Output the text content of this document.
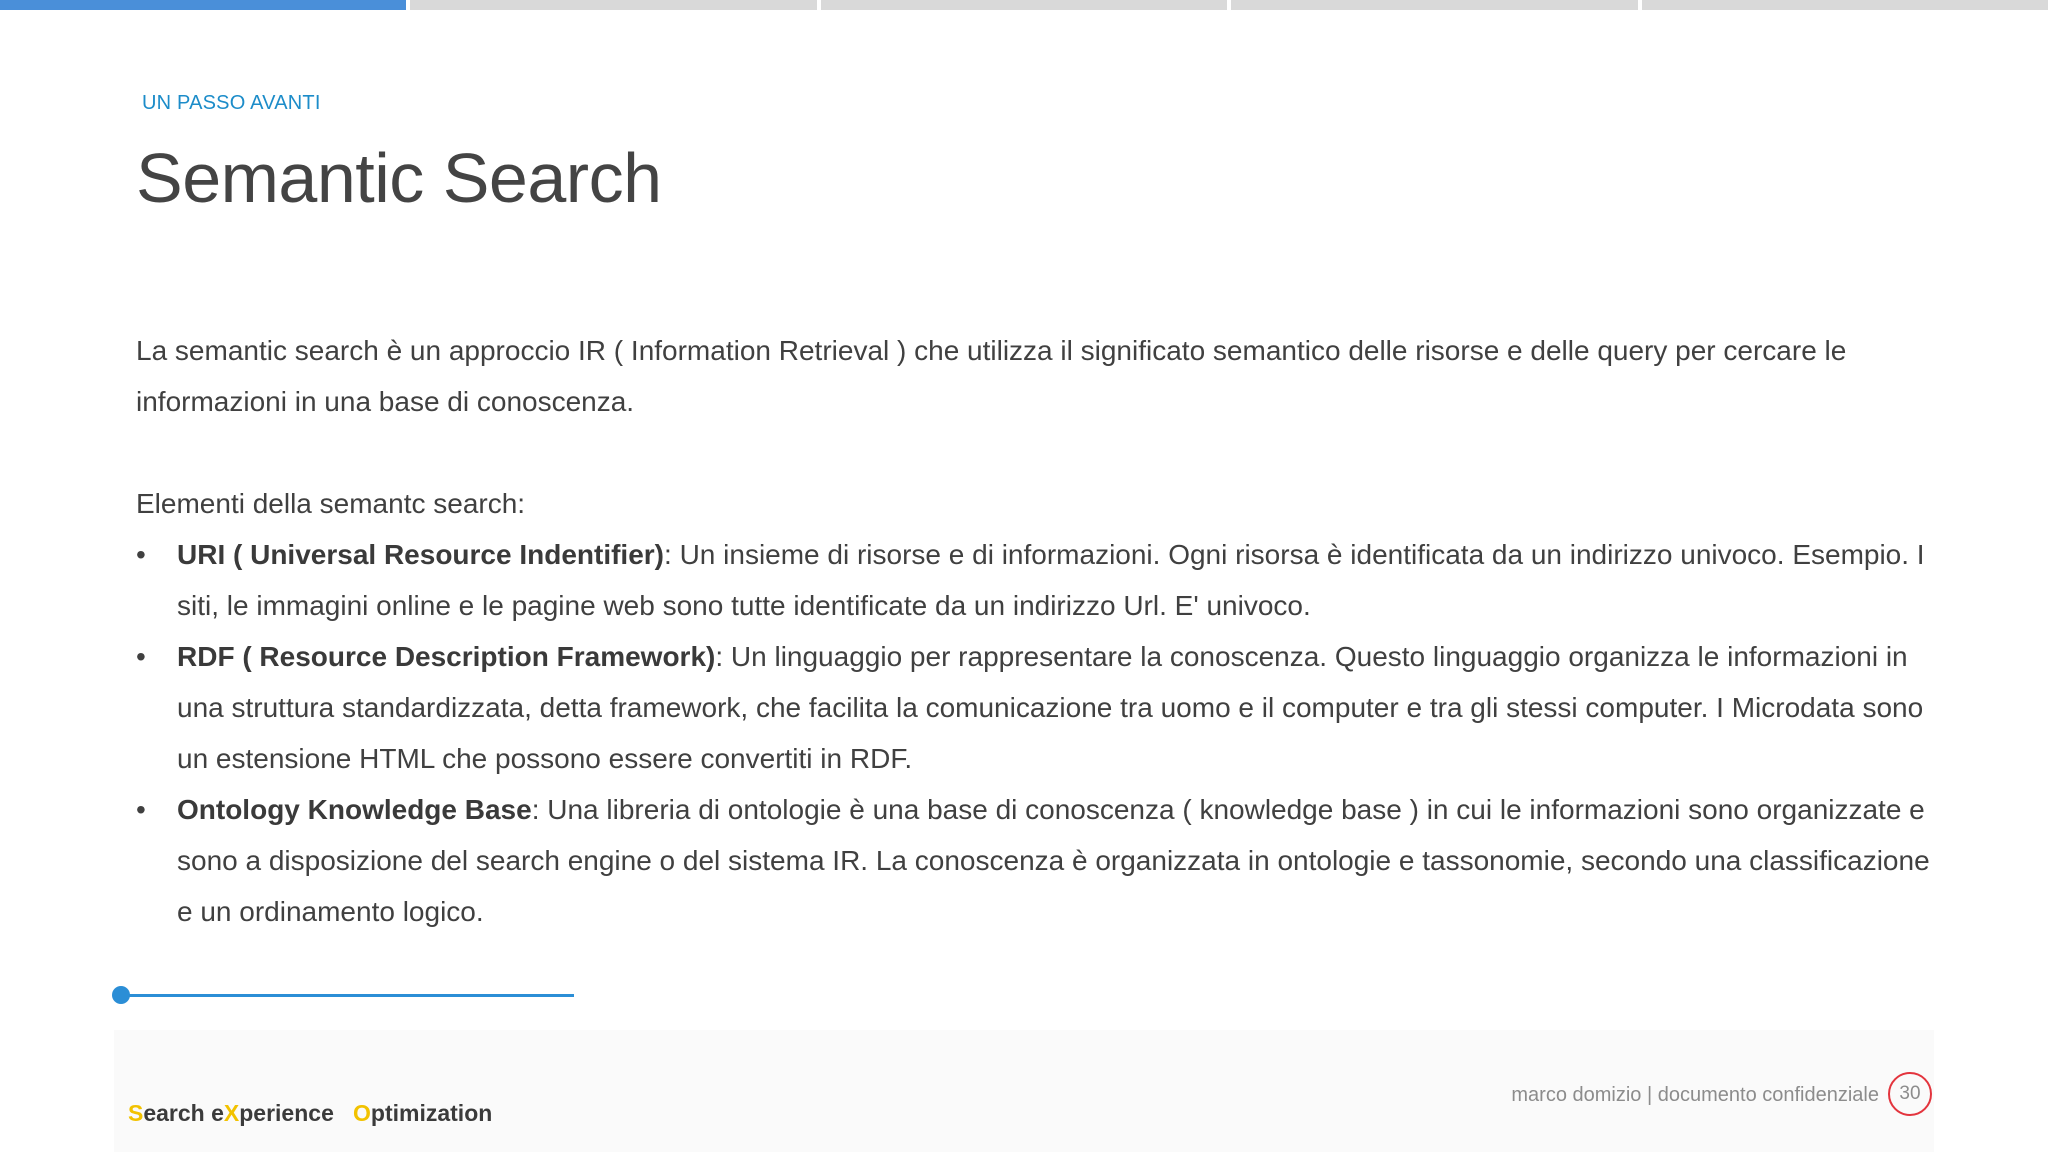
UN PASSO AVANTI
Semantic Search

La semantic search è un approccio IR ( Information Retrieval ) che utilizza il significato semantico delle risorse e delle query per cercare le informazioni in una base di conoscenza.

Elementi della semantc search:

• URI ( Universal Resource Indentifier): Un insieme di risorse e di informazioni. Ogni risorsa è identificata da un indirizzo univoco. Esempio. I siti, le immagini online e le pagine web sono tutte identificate da un indirizzo Url. E' univoco.
• RDF ( Resource Description Framework): Un linguaggio per rappresentare la conoscenza. Questo linguaggio organizza le informazioni in una struttura standardizzata, detta framework, che facilita la comunicazione tra uomo e il computer e tra gli stessi computer. I Microdata sono un estensione HTML che possono essere convertiti in RDF.
• Ontology Knowledge Base: Una libreria di ontologie è una base di conoscenza ( knowledge base ) in cui le informazioni sono organizzate e sono a disposizione del search engine o del sistema IR. La conoscenza è organizzata in ontologie e tassonomie, secondo una classificazione e un ordinamento logico.
Search eXperience Optimization
marco domizio | documento confidenziale	30
